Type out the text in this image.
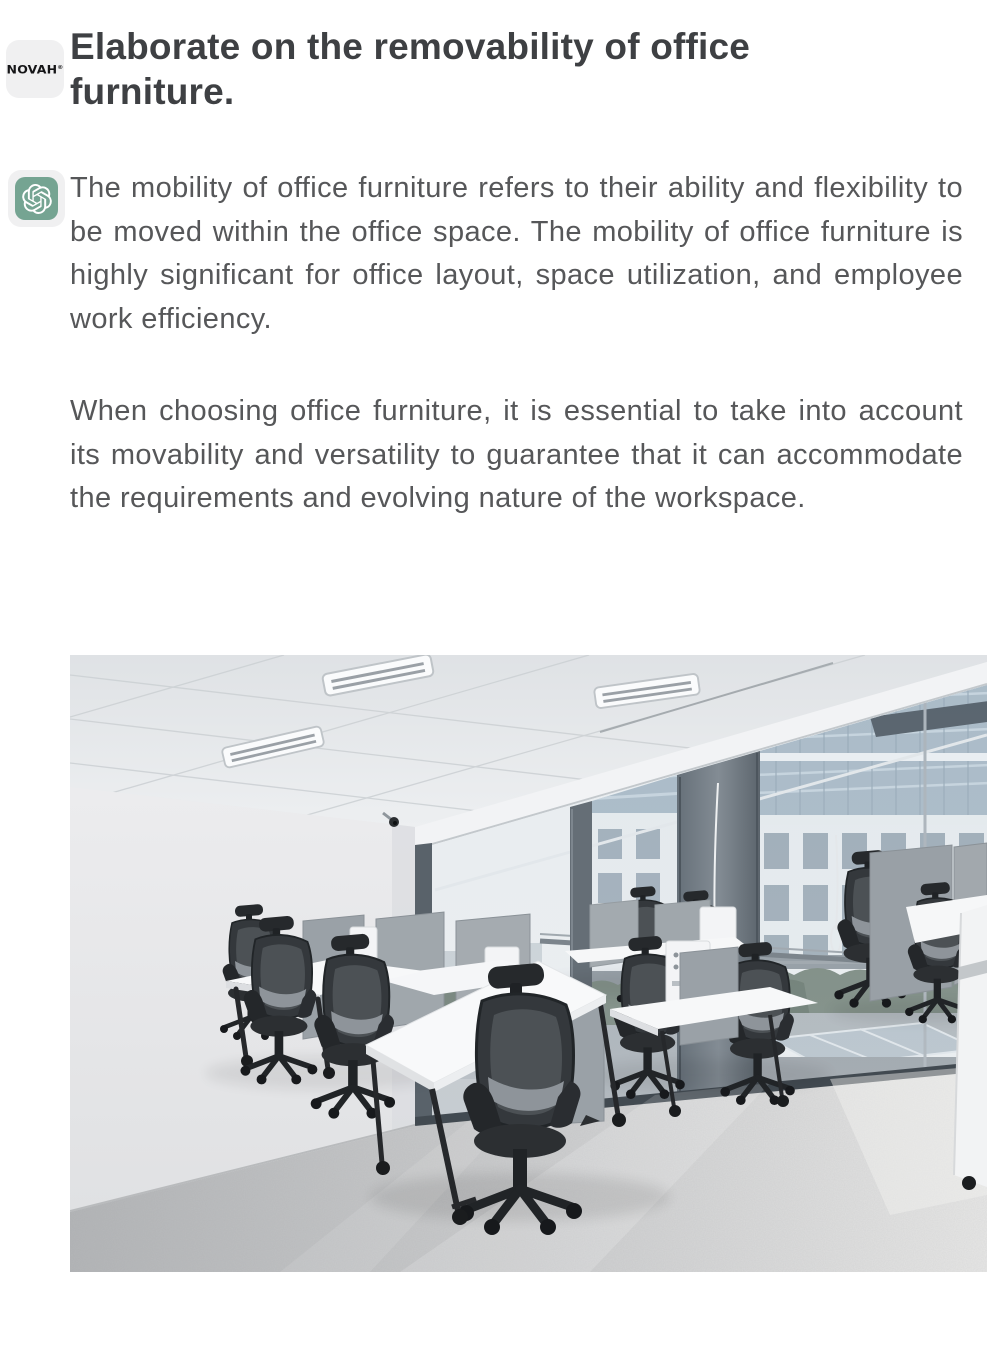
NOVAH® Elaborate on the removability of office furniture.

The mobility of office furniture refers to their ability and flexibility to be moved within the office space. The mobility of office furniture is highly significant for office layout, space utilization, and employee work efficiency.

When choosing office furniture, it is essential to take into account its movability and versatility to guarantee that it can accommodate the requirements and evolving nature of the workspace.
